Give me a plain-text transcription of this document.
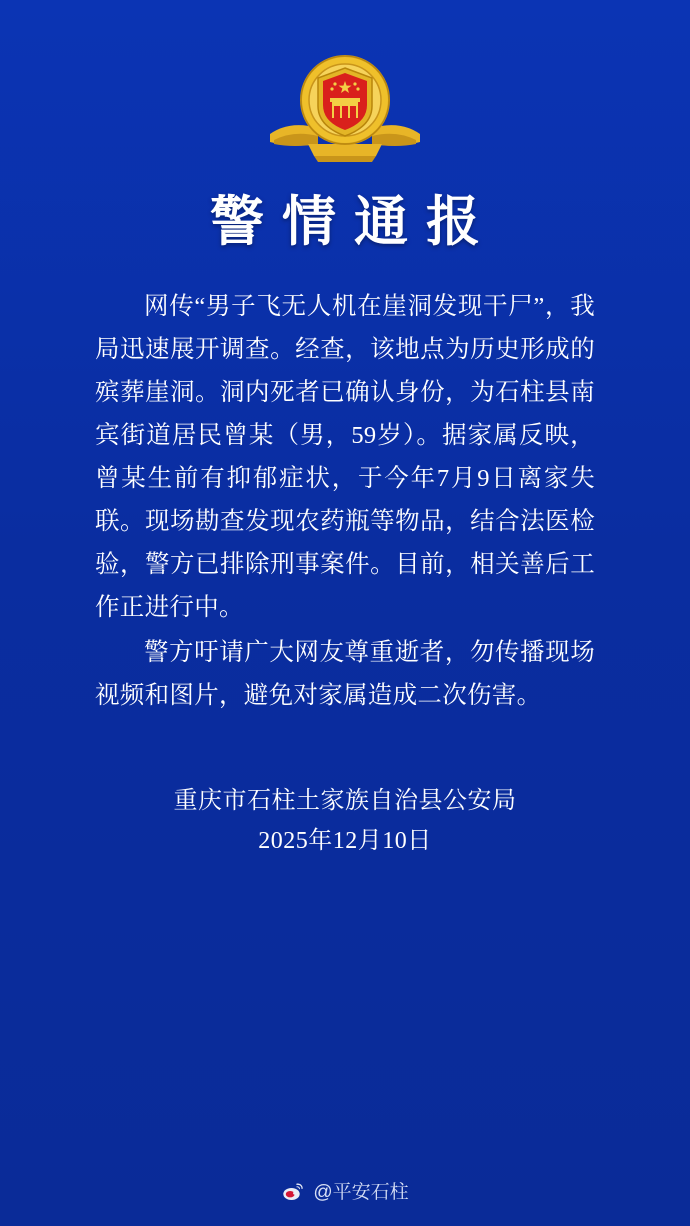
警情通报

网传“男子飞无人机在崖洞发现干尸”，我局迅速展开调查。经查，该地点为历史形成的殡葬崖洞。洞内死者已确认身份，为石柱县南宾街道居民曾某（男，59岁）。据家属反映，曾某生前有抑郁症状，于今年7月9日离家失联。现场勘查发现农药瓶等物品，结合法医检验，警方已排除刑事案件。目前，相关善后工作正进行中。

警方吁请广大网友尊重逝者，勿传播现场视频和图片，避免对家属造成二次伤害。

重庆市石柱土家族自治县公安局
2025年12月10日
@平安石柱
